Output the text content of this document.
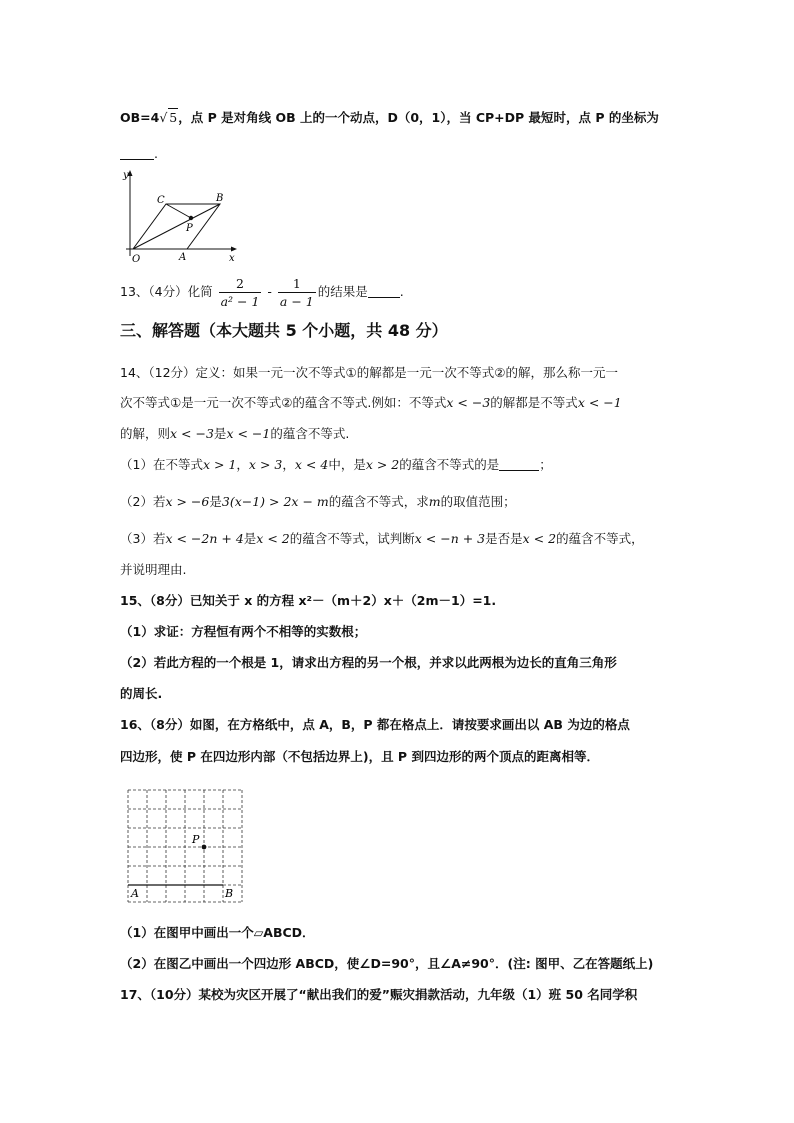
OB=4√ 5，点 P 是对角线 OB 上的一个动点，D（0，1），当 CP+DP 最短时，点 P 的坐标为
.
y
x
O	A
B
C
P
13、（4分）化简 $\frac{2}{\text{a² − 1}} - \frac{1}{a - 1}$ 的结果是	.
三、解答题（本大题共 5 个小题，共 48 分）
14、（12分）定义：如果一元一次不等式①的解都是一元一次不等式②的解，那么称一元一
次不等式①是一元一次不等式②的蕴含不等式.例如：不等式x < −3的解都是不等式x < −1
的解，则x < −3是x < −1的蕴含不等式.
（1）在不等式x > 1，x > 3，x < 4中，是x > 2的蕴含不等式的是	；
（2）若x > −6是3(x−1) > 2x − m的蕴含不等式，求m的取值范围；
（3）若x < −2n + 4是x < 2的蕴含不等式，试判断x < −n + 3是否是x < 2的蕴含不等式，
并说明理由.
15、（8分）已知关于 x 的方程 x²－（m＋2）x＋（2m－1）=1.
（1）求证：方程恒有两个不相等的实数根；
（2）若此方程的一个根是 1，请求出方程的另一个根，并求以此两根为边长的直角三角形
的周长.
16、（8分）如图，在方格纸中，点 A，B，P 都在格点上．请按要求画出以 AB 为边的格点
四边形，使 P 在四边形内部（不包括边界上)，且 P 到四边形的两个顶点的距离相等．
P
A	B
（1）在图甲中画出一个▱ABCD．
（2）在图乙中画出一个四边形 ABCD，使∠D=90°，且∠A≠90°．(注: 图甲、乙在答题纸上)
17、（10分）某校为灾区开展了“献出我们的爱”赈灾捐款活动，九年级（1）班 50 名同学积
